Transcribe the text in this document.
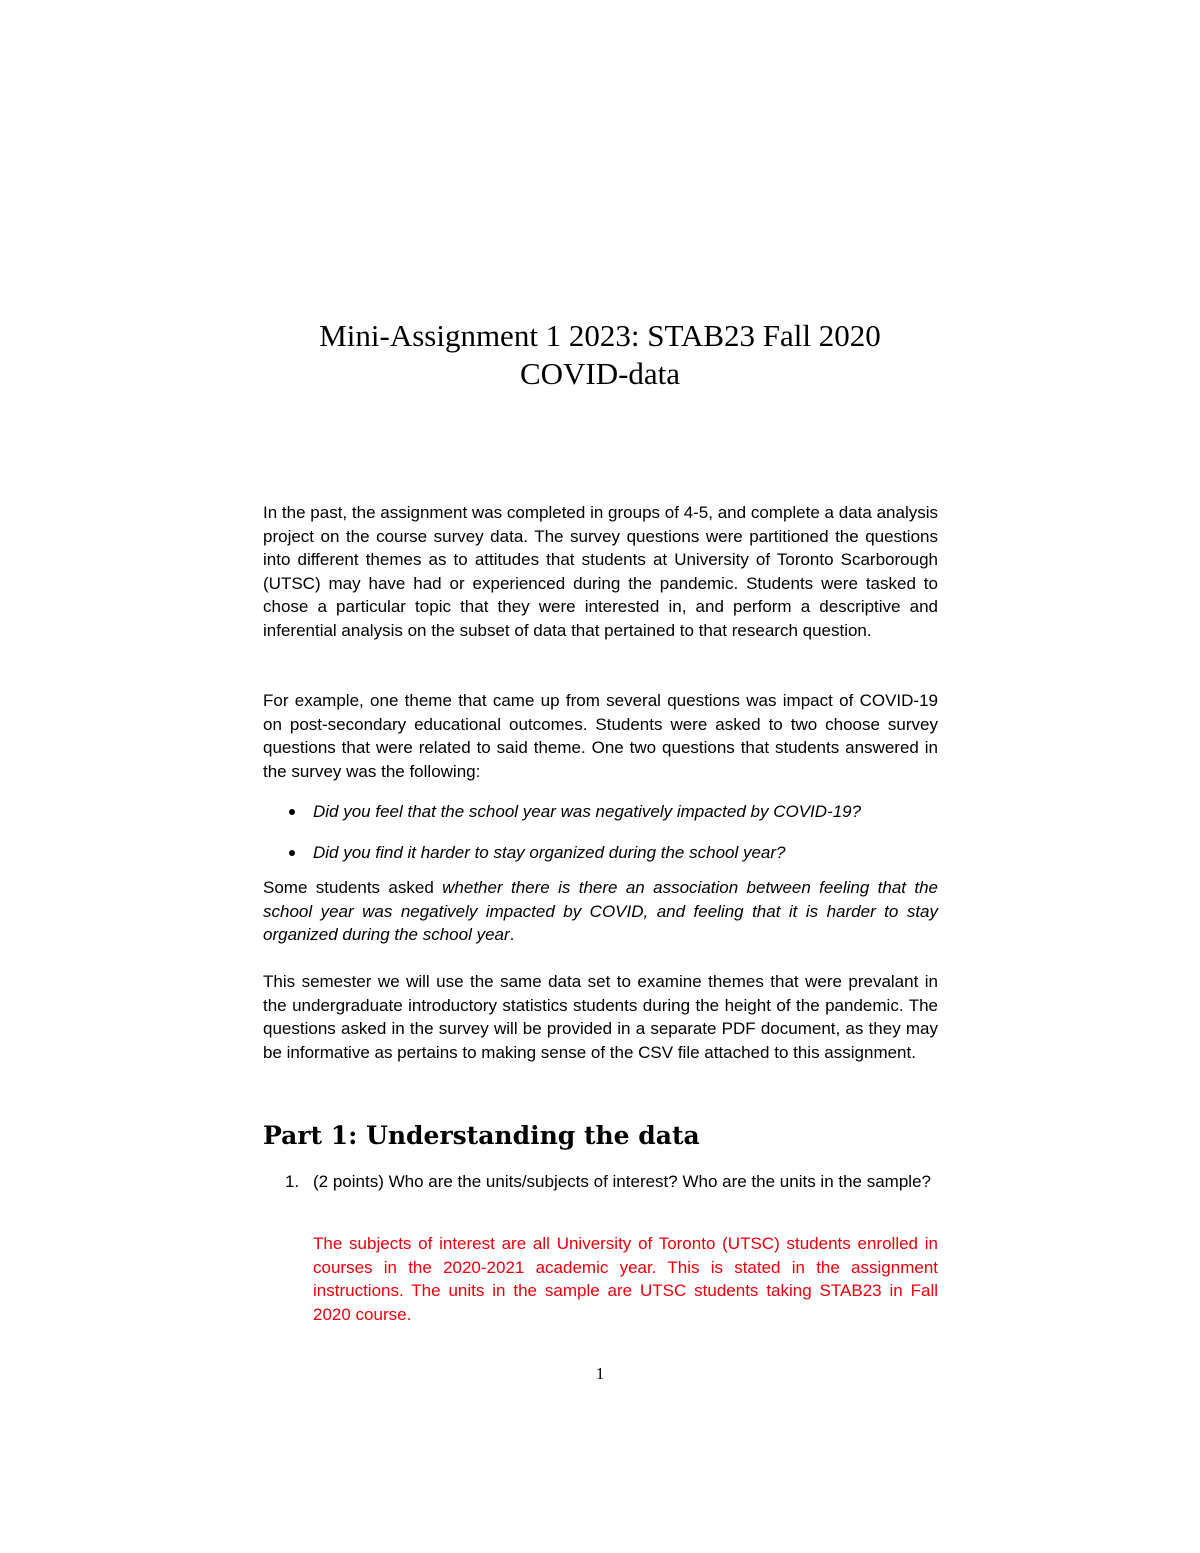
Mini-Assignment 1 2023: STAB23 Fall 2020
COVID-data

In the past, the assignment was completed in groups of 4-5, and complete a data analysis project on the course survey data. The survey questions were partitioned the questions into different themes as to attitudes that students at University of Toronto Scarborough (UTSC) may have had or experienced during the pandemic. Students were tasked to chose a particular topic that they were interested in, and perform a descriptive and inferential analysis on the subset of data that pertained to that research question.

For example, one theme that came up from several questions was impact of COVID-19 on post-secondary educational outcomes. Students were asked to two choose survey questions that were related to said theme. One two questions that students answered in the survey was the following:

Did you feel that the school year was negatively impacted by COVID-19?
Did you find it harder to stay organized during the school year?

Some students asked whether there is there an association between feeling that the school year was negatively impacted by COVID, and feeling that it is harder to stay organized during the school year.

This semester we will use the same data set to examine themes that were prevalant in the undergraduate introductory statistics students during the height of the pandemic. The questions asked in the survey will be provided in a separate PDF document, as they may be informative as pertains to making sense of the CSV file attached to this assignment.

Part 1: Understanding the data
1. (2 points) Who are the units/subjects of interest? Who are the units in the sample?
The subjects of interest are all University of Toronto (UTSC) students enrolled in courses in the 2020-2021 academic year. This is stated in the assignment instructions. The units in the sample are UTSC students taking STAB23 in Fall 2020 course.
1
